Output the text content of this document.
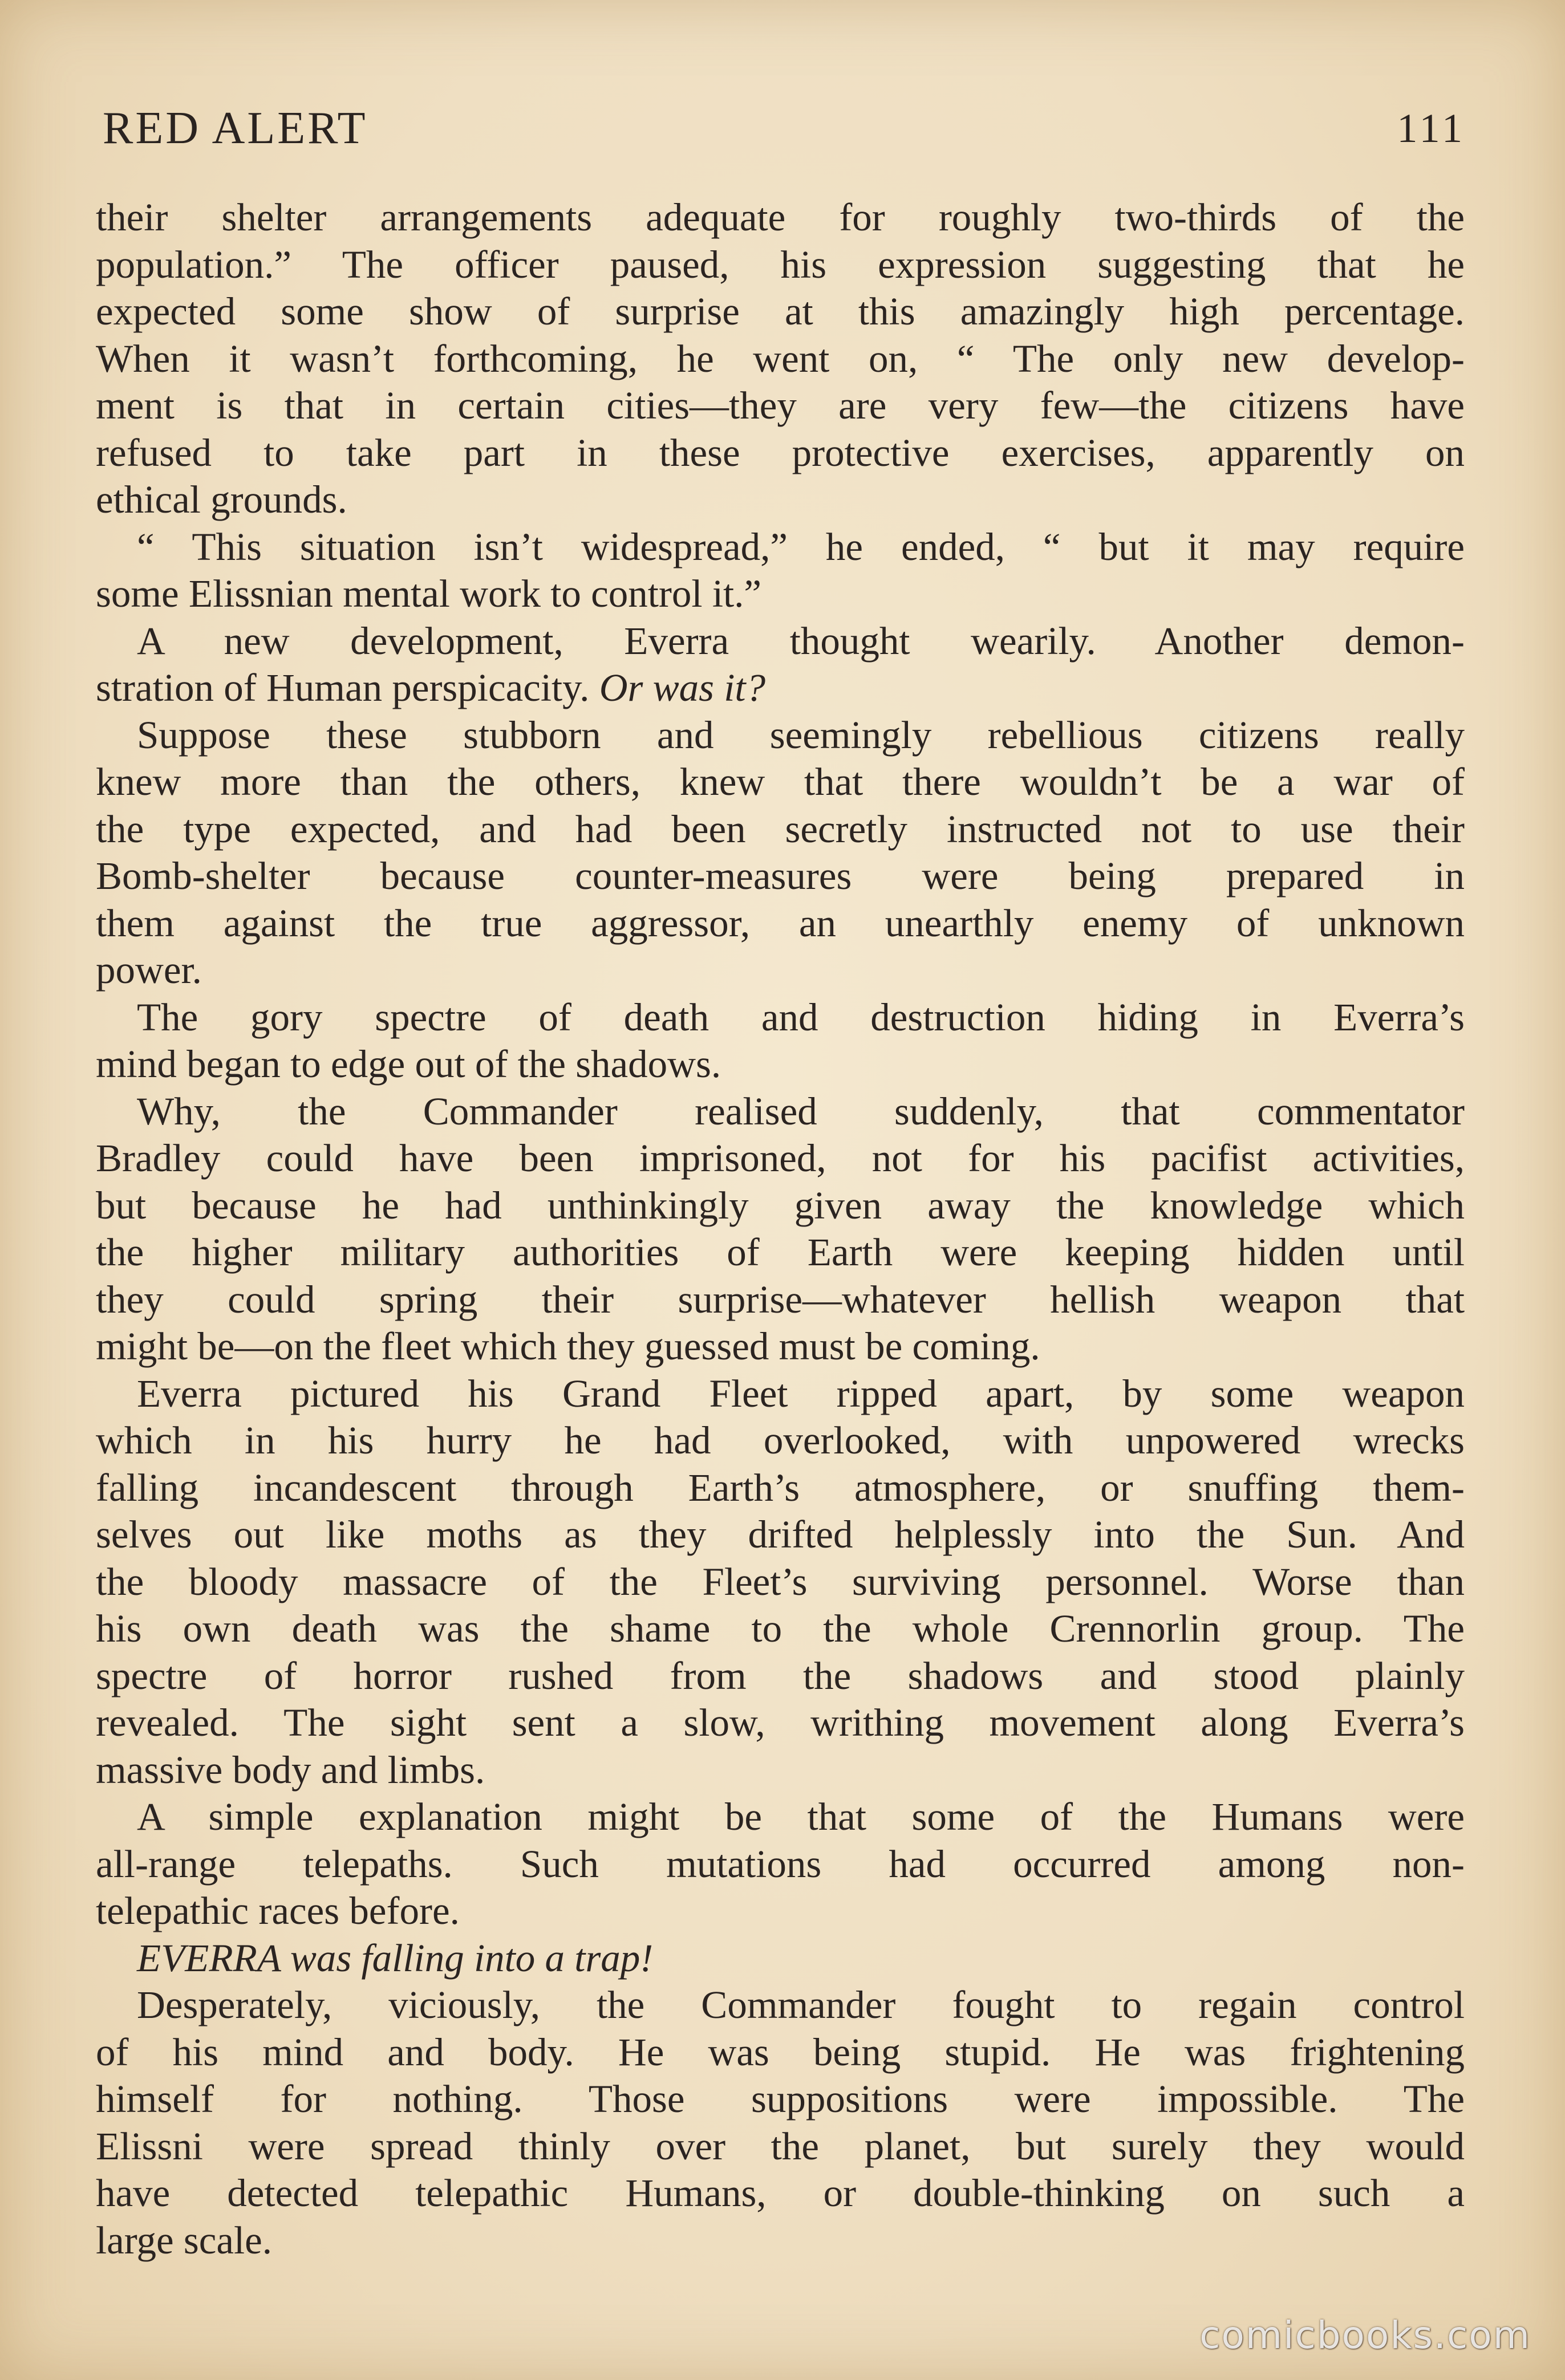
RED ALERT	111
their shelter arrangements adequate for roughly two-thirds of the
population.” The officer paused, his expression suggesting that he
expected some show of surprise at this amazingly high percentage.
When it wasn’t forthcoming, he went on, “ The only new develop-
ment is that in certain cities—they are very few—the citizens have
refused to take part in these protective exercises, apparently on
ethical grounds.
“ This situation isn’t widespread,” he ended, “ but it may require
some Elissnian mental work to control it.”
A new development, Everra thought wearily. Another demon-
stration of Human perspicacity. Or was it?
Suppose these stubborn and seemingly rebellious citizens really
knew more than the others, knew that there wouldn’t be a war of
the type expected, and had been secretly instructed not to use their
Bomb-shelter because counter-measures were being prepared in
them against the true aggressor, an unearthly enemy of unknown
power.
The gory spectre of death and destruction hiding in Everra’s
mind began to edge out of the shadows.
Why, the Commander realised suddenly, that commentator
Bradley could have been imprisoned, not for his pacifist activities,
but because he had unthinkingly given away the knowledge which
the higher military authorities of Earth were keeping hidden until
they could spring their surprise—whatever hellish weapon that
might be—on the fleet which they guessed must be coming.
Everra pictured his Grand Fleet ripped apart, by some weapon
which in his hurry he had overlooked, with unpowered wrecks
falling incandescent through Earth’s atmosphere, or snuffing them-
selves out like moths as they drifted helplessly into the Sun. And
the bloody massacre of the Fleet’s surviving personnel. Worse than
his own death was the shame to the whole Crennorlin group. The
spectre of horror rushed from the shadows and stood plainly
revealed. The sight sent a slow, writhing movement along Everra’s
massive body and limbs.
A simple explanation might be that some of the Humans were
all-range telepaths. Such mutations had occurred among non-
telepathic races before.
EVERRA was falling into a trap!
Desperately, viciously, the Commander fought to regain control
of his mind and body. He was being stupid. He was frightening
himself for nothing. Those suppositions were impossible. The
Elissni were spread thinly over the planet, but surely they would
have detected telepathic Humans, or double-thinking on such a
large scale.
comicbooks.com
